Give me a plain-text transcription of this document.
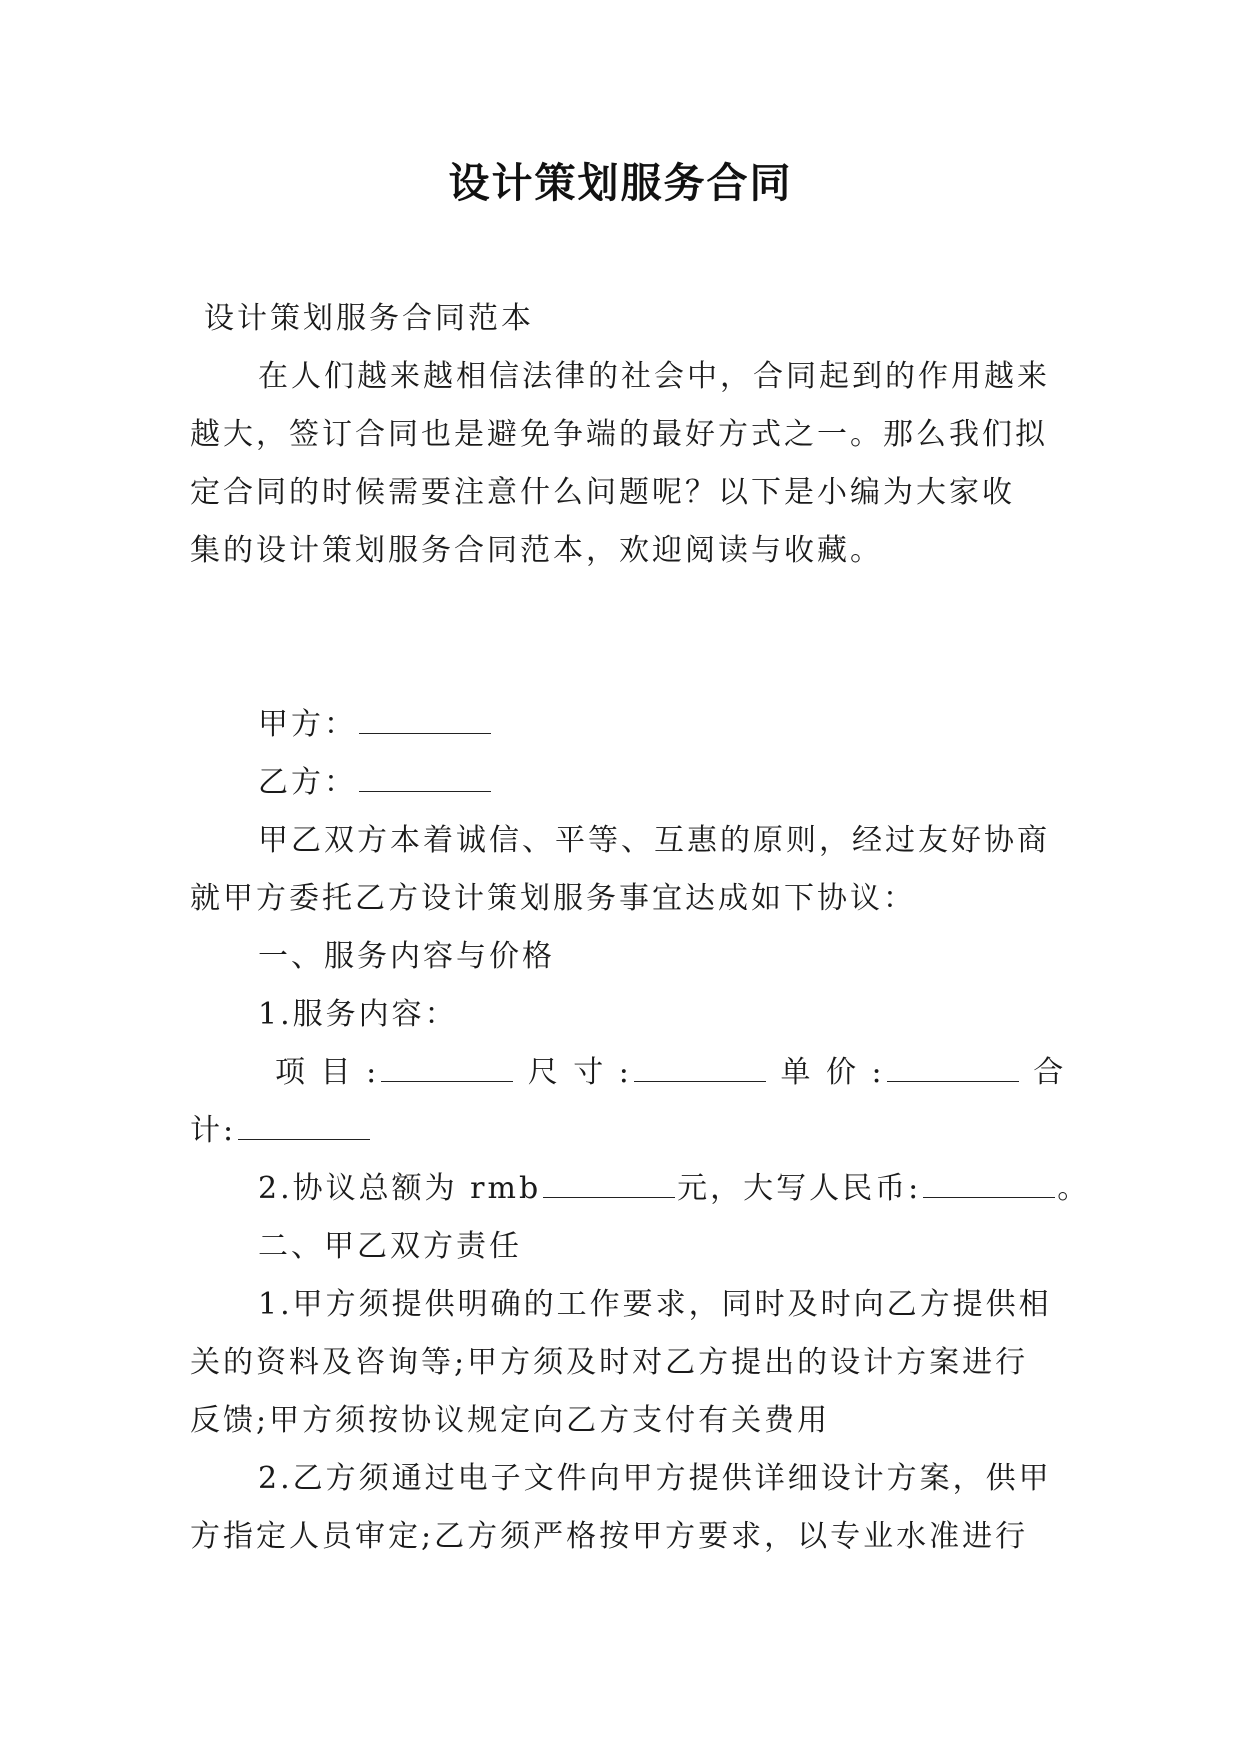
设计策划服务合同
设计策划服务合同范本
在人们越来越相信法律的社会中，合同起到的作用越来
越大，签订合同也是避免争端的最好方式之一。那么我们拟
定合同的时候需要注意什么问题呢？以下是小编为大家收
集的设计策划服务合同范本，欢迎阅读与收藏。
甲方：
乙方：
甲乙双方本着诚信、平等、互惠的原则，经过友好协商
就甲方委托乙方设计策划服务事宜达成如下协议：
一、服务内容与价格
1.服务内容：
项 目 :	尺 寸 :	单 价 :	合
计:
2.协议总额为 rmb	元，大写人民币:	。
二、甲乙双方责任
1.甲方须提供明确的工作要求，同时及时向乙方提供相
关的资料及咨询等;甲方须及时对乙方提出的设计方案进行
反馈;甲方须按协议规定向乙方支付有关费用
2.乙方须通过电子文件向甲方提供详细设计方案，供甲
方指定人员审定;乙方须严格按甲方要求，以专业水准进行
